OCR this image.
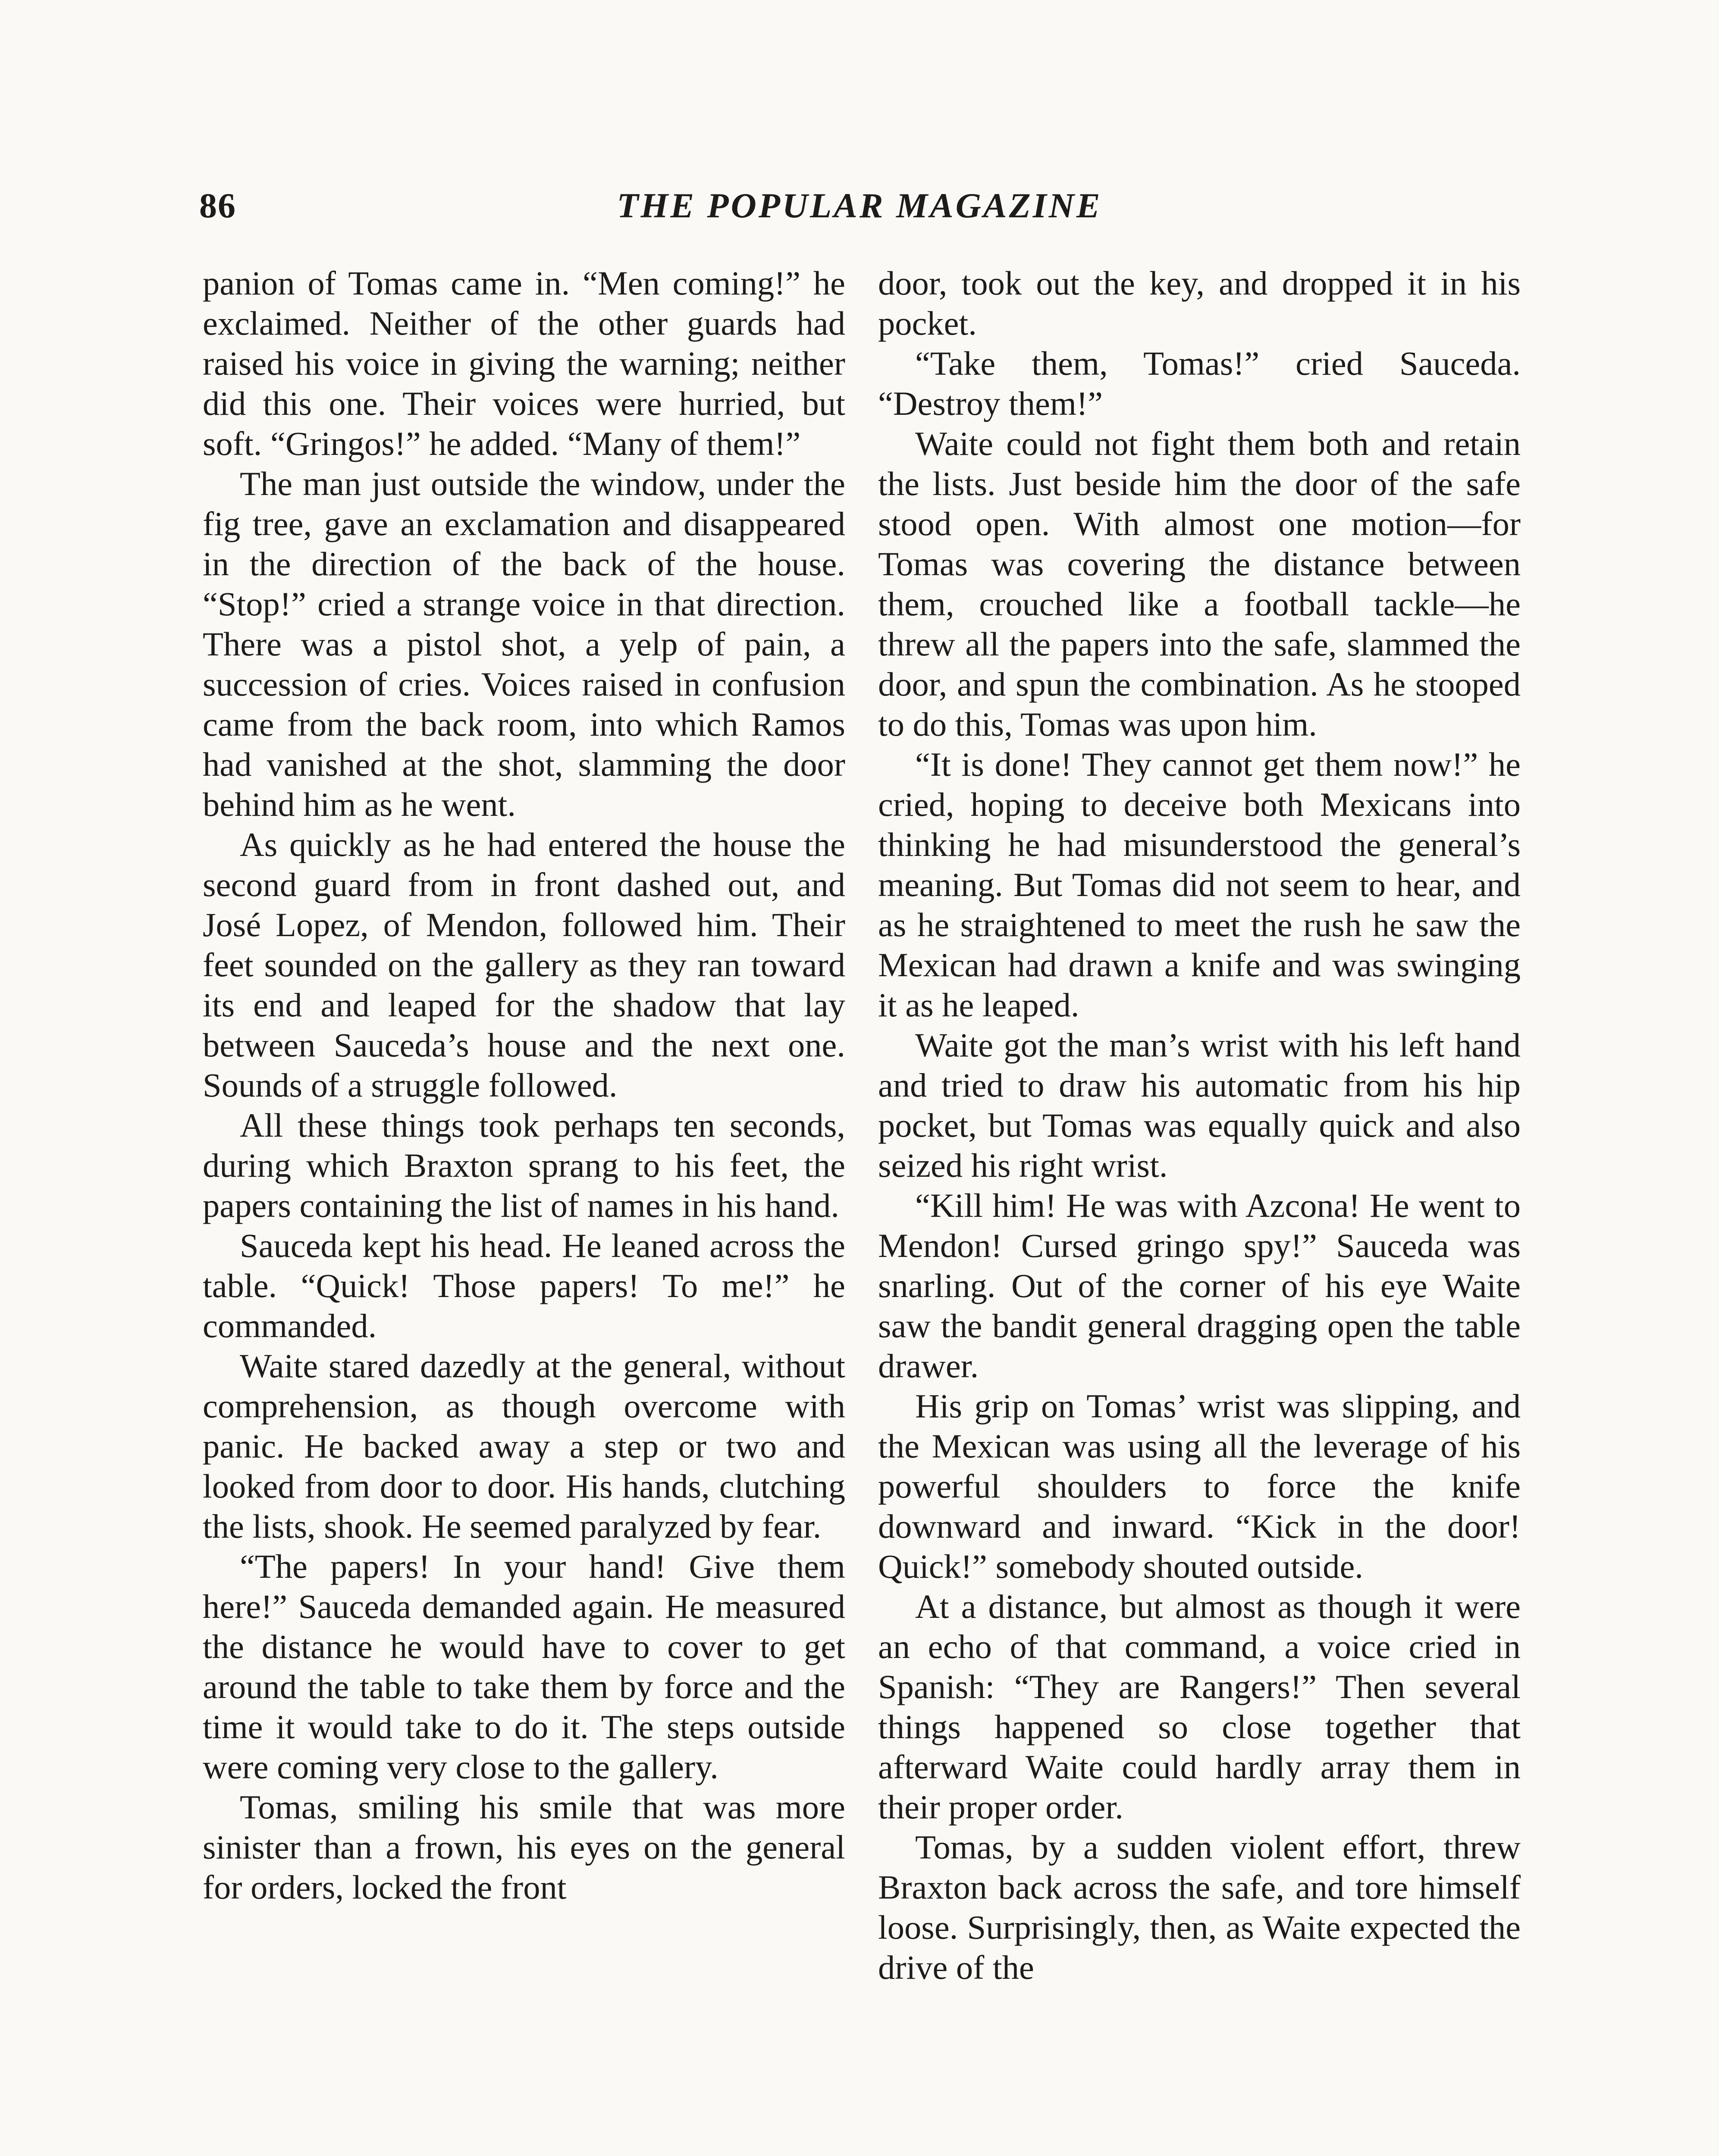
86	THE POPULAR MAGAZINE

panion of Tomas came in. “Men coming!” he exclaimed. Neither of the other guards had raised his voice in giving the warning; neither did this one. Their voices were hurried, but soft. “Gringos!” he added. “Many of them!”

The man just outside the window, under the fig tree, gave an exclamation and disappeared in the direction of the back of the house. “Stop!” cried a strange voice in that direction. There was a pistol shot, a yelp of pain, a succession of cries. Voices raised in confusion came from the back room, into which Ramos had vanished at the shot, slamming the door behind him as he went.

As quickly as he had entered the house the second guard from in front dashed out, and José Lopez, of Mendon, followed him. Their feet sounded on the gallery as they ran toward its end and leaped for the shadow that lay between Sauceda’s house and the next one. Sounds of a struggle followed.

All these things took perhaps ten seconds, during which Braxton sprang to his feet, the papers containing the list of names in his hand.

Sauceda kept his head. He leaned across the table. “Quick! Those papers! To me!” he commanded.

Waite stared dazedly at the general, without comprehension, as though overcome with panic. He backed away a step or two and looked from door to door. His hands, clutching the lists, shook. He seemed paralyzed by fear.

“The papers! In your hand! Give them here!” Sauceda demanded again. He measured the distance he would have to cover to get around the table to take them by force and the time it would take to do it. The steps outside were coming very close to the gallery.

Tomas, smiling his smile that was more sinister than a frown, his eyes on the general for orders, locked the front

door, took out the key, and dropped it in his pocket.

“Take them, Tomas!” cried Sauceda. “Destroy them!”

Waite could not fight them both and retain the lists. Just beside him the door of the safe stood open. With almost one motion—for Tomas was covering the distance between them, crouched like a football tackle—he threw all the papers into the safe, slammed the door, and spun the combination. As he stooped to do this, Tomas was upon him.

“It is done! They cannot get them now!” he cried, hoping to deceive both Mexicans into thinking he had misunderstood the general’s meaning. But Tomas did not seem to hear, and as he straightened to meet the rush he saw the Mexican had drawn a knife and was swinging it as he leaped.

Waite got the man’s wrist with his left hand and tried to draw his automatic from his hip pocket, but Tomas was equally quick and also seized his right wrist.

“Kill him! He was with Azcona! He went to Mendon! Cursed gringo spy!” Sauceda was snarling. Out of the corner of his eye Waite saw the bandit general dragging open the table drawer.

His grip on Tomas’ wrist was slipping, and the Mexican was using all the leverage of his powerful shoulders to force the knife downward and inward. “Kick in the door! Quick!” somebody shouted outside.

At a distance, but almost as though it were an echo of that command, a voice cried in Spanish: “They are Rangers!” Then several things happened so close together that afterward Waite could hardly array them in their proper order.

Tomas, by a sudden violent effort, threw Braxton back across the safe, and tore himself loose. Surprisingly, then, as Waite expected the drive of the
